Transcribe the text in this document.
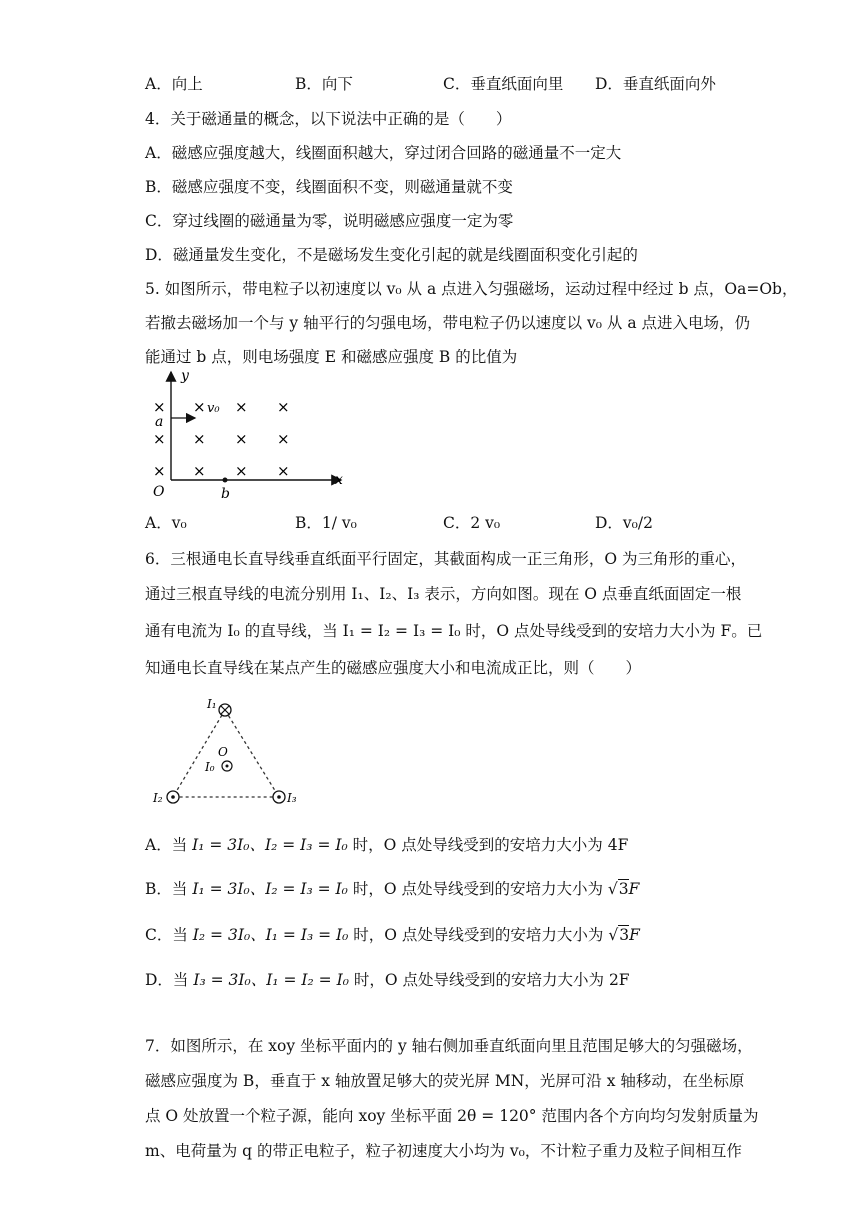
A．向上	B．向下	C．垂直纸面向里 D．垂直纸面向外
4．关于磁通量的概念，以下说法中正确的是（　　）
A．磁感应强度越大，线圈面积越大，穿过闭合回路的磁通量不一定大
B．磁感应强度不变，线圈面积不变，则磁通量就不变
C．穿过线圈的磁通量为零，说明磁感应强度一定为零
D．磁通量发生变化，不是磁场发生变化引起的就是线圈面积变化引起的
5. 如图所示，带电粒子以初速度以 v₀ 从 a 点进入匀强磁场，运动过程中经过 b 点，Oa=Ob，
若撤去磁场加一个与 y 轴平行的匀强电场，带电粒子仍以速度以 v₀ 从 a 点进入电场，仍
能通过 b 点，则电场强度 E 和磁感应强度 B 的比值为
y
x
O
a
b
v₀
× × × ×
× × × ×
× × × ×
A．v₀	B．1/ v₀	C．2 v₀	D．v₀/2
6．三根通电长直导线垂直纸面平行固定，其截面构成一正三角形，O 为三角形的重心，
通过三根直导线的电流分别用 I₁、I₂、I₃ 表示，方向如图。现在 O 点垂直纸面固定一根
通有电流为 I₀ 的直导线，当 I₁ = I₂ = I₃ = I₀ 时，O 点处导线受到的安培力大小为 F。已
知通电长直导线在某点产生的磁感应强度大小和电流成正比，则（　　）
I₁
I₂	I₃
O
I₀
A．当 I₁ = 3I₀、I₂ = I₃ = I₀ 时，O 点处导线受到的安培力大小为 4F
B．当 I₁ = 3I₀、I₂ = I₃ = I₀ 时，O 点处导线受到的安培力大小为 √3F
C．当 I₂ = 3I₀、I₁ = I₃ = I₀ 时，O 点处导线受到的安培力大小为 √3F
D．当 I₃ = 3I₀、I₁ = I₂ = I₀ 时，O 点处导线受到的安培力大小为 2F
7．如图所示，在 xoy 坐标平面内的 y 轴右侧加垂直纸面向里且范围足够大的匀强磁场，
磁感应强度为 B，垂直于 x 轴放置足够大的荧光屏 MN，光屏可沿 x 轴移动，在坐标原
点 O 处放置一个粒子源，能向 xoy 坐标平面 2θ = 120° 范围内各个方向均匀发射质量为
m、电荷量为 q 的带正电粒子，粒子初速度大小均为 v₀，不计粒子重力及粒子间相互作
